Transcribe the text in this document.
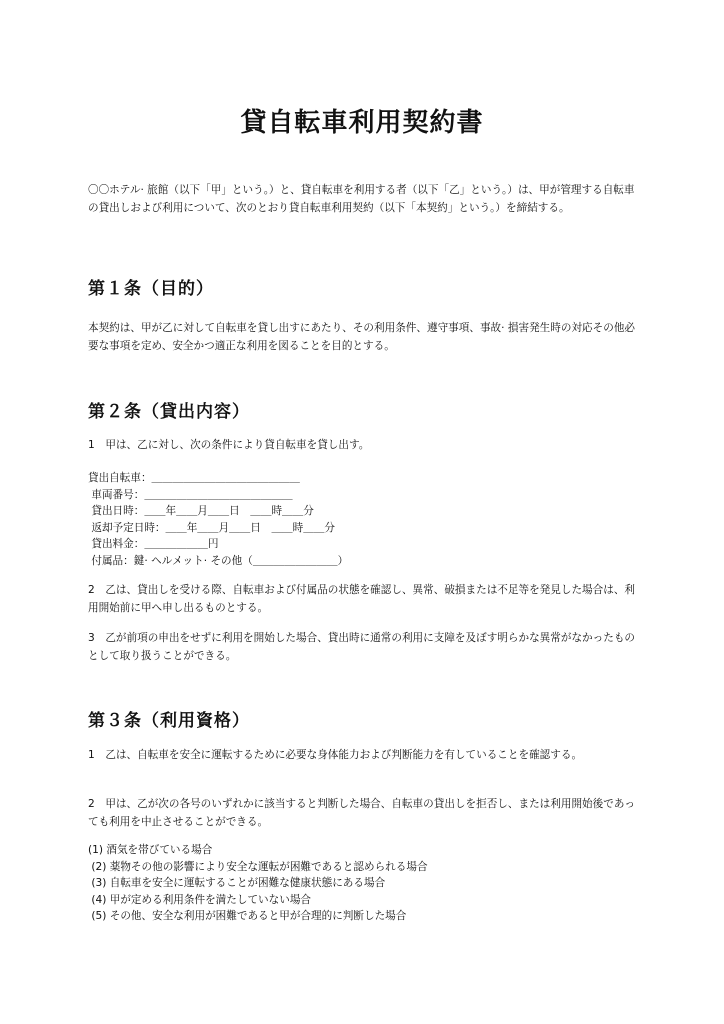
貸自転車利用契約書

〇〇ホテル· 旅館（以下「甲」という。）と、貸自転車を利用する者（以下「乙」という。）は、甲が管理する自転車の貸出しおよび利用について、次のとおり貸自転車利用契約（以下「本契約」という。）を締結する。

第１条（目的）

本契約は、甲が乙に対して自転車を貸し出すにあたり、その利用条件、遵守事項、事故· 損害発生時の対応その他必要な事項を定め、安全かつ適正な利用を図ることを目的とする。

第２条（貸出内容）

1　甲は、乙に対し、次の条件により貸自転車を貸し出す。

貸出自転車：＿＿＿＿＿＿＿＿＿＿＿＿＿＿
車両番号：＿＿＿＿＿＿＿＿＿＿＿＿＿＿
貸出日時：＿＿年＿＿月＿＿日　＿＿時＿＿分
返却予定日時：＿＿年＿＿月＿＿日　＿＿時＿＿分
貸出料金：＿＿＿＿＿＿円
付属品：鍵· ヘルメット· その他（＿＿＿＿＿＿＿＿）

2　乙は、貸出しを受ける際、自転車および付属品の状態を確認し、異常、破損または不足等を発見した場合は、利用開始前に甲へ申し出るものとする。

3　乙が前項の申出をせずに利用を開始した場合、貸出時に通常の利用に支障を及ぼす明らかな異常がなかったものとして取り扱うことができる。

第３条（利用資格）

1　乙は、自転車を安全に運転するために必要な身体能力および判断能力を有していることを確認する。

2　甲は、乙が次の各号のいずれかに該当すると判断した場合、自転車の貸出しを拒否し、または利用開始後であっても利用を中止させることができる。

(1) 酒気を帯びている場合
(2) 薬物その他の影響により安全な運転が困難であると認められる場合
(3) 自転車を安全に運転することが困難な健康状態にある場合
(4) 甲が定める利用条件を満たしていない場合
(5) その他、安全な利用が困難であると甲が合理的に判断した場合
